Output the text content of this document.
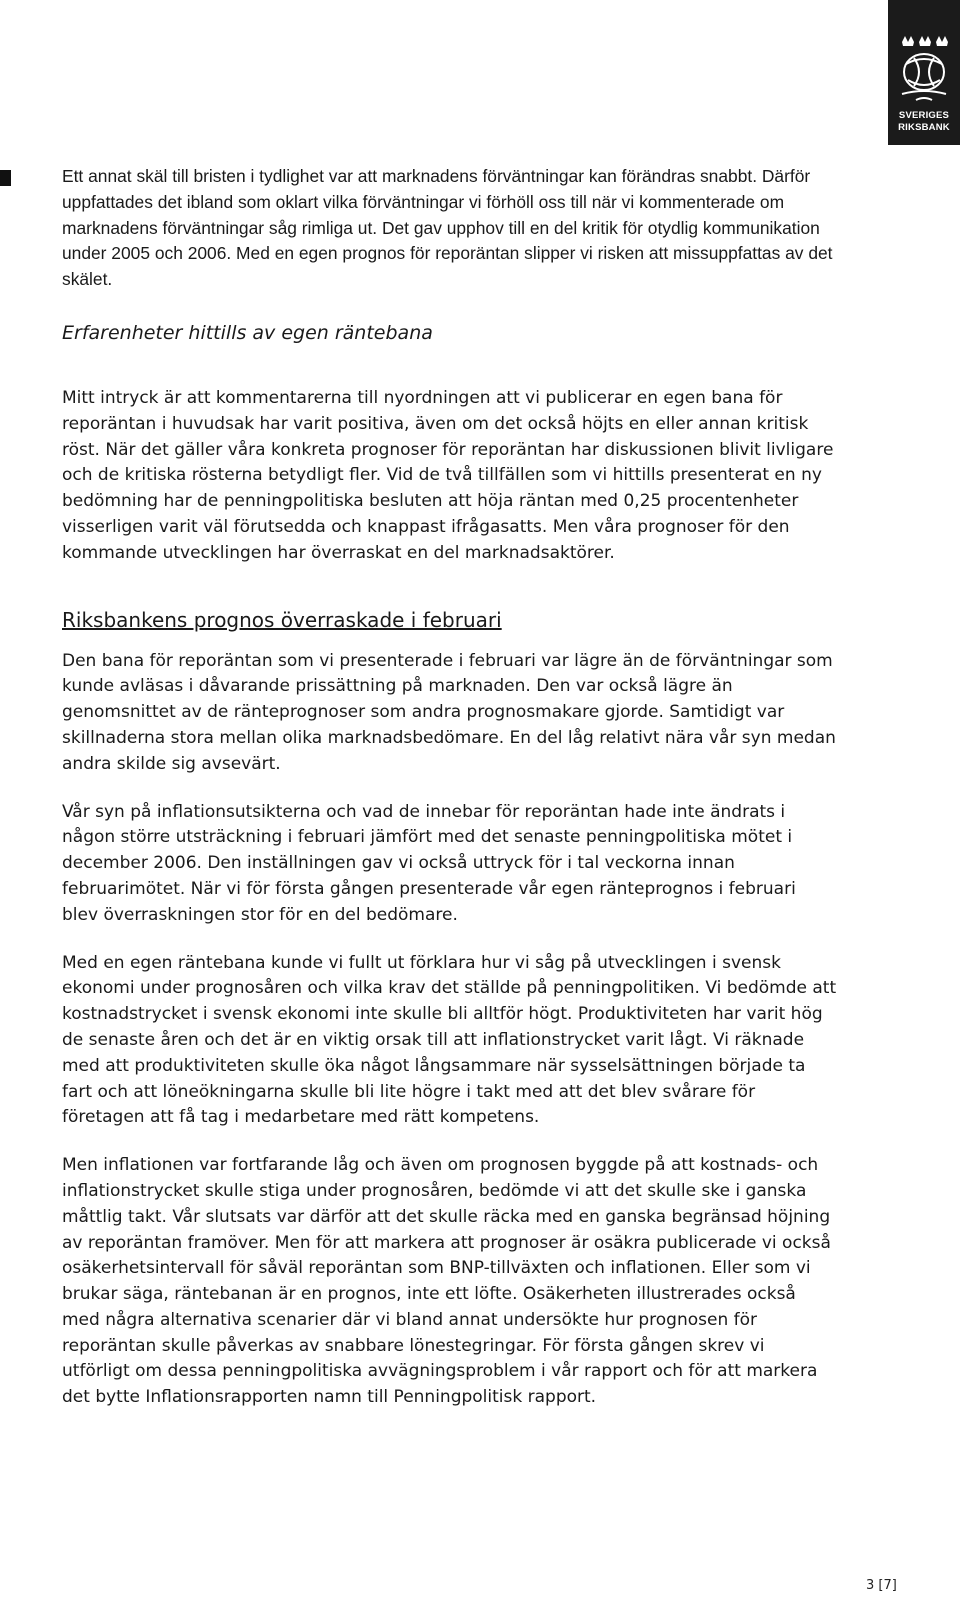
SVERIGES
RIKSBANK

Ett annat skäl till bristen i tydlighet var att marknadens förväntningar kan förändras snabbt. Därför uppfattades det ibland som oklart vilka förväntningar vi förhöll oss till när vi kommenterade om marknadens förväntningar såg rimliga ut. Det gav upphov till en del kritik för otydlig kommunikation under 2005 och 2006. Med en egen prognos för reporäntan slipper vi risken att missuppfattas av det skälet.

Erfarenheter hittills av egen räntebana

Mitt intryck är att kommentarerna till nyordningen att vi publicerar en egen bana för reporäntan i huvudsak har varit positiva, även om det också höjts en eller annan kritisk röst. När det gäller våra konkreta prognoser för reporäntan har diskussionen blivit livligare och de kritiska rösterna betydligt fler. Vid de två tillfällen som vi hittills presenterat en ny bedömning har de penningpolitiska besluten att höja räntan med 0,25 procentenheter visserligen varit väl förutsedda och knappast ifrågasatts. Men våra prognoser för den kommande utvecklingen har överraskat en del marknadsaktörer.

Riksbankens prognos överraskade i februari

Den bana för reporäntan som vi presenterade i februari var lägre än de förväntningar som kunde avläsas i dåvarande prissättning på marknaden. Den var också lägre än genomsnittet av de ränteprognoser som andra prognosmakare gjorde. Samtidigt var skillnaderna stora mellan olika marknadsbedömare. En del låg relativt nära vår syn medan andra skilde sig avsevärt.

Vår syn på inflationsutsikterna och vad de innebar för reporäntan hade inte ändrats i någon större utsträckning i februari jämfört med det senaste penningpolitiska mötet i december 2006. Den inställningen gav vi också uttryck för i tal veckorna innan februarimötet. När vi för första gången presenterade vår egen ränteprognos i februari blev överraskningen stor för en del bedömare.

Med en egen räntebana kunde vi fullt ut förklara hur vi såg på utvecklingen i svensk ekonomi under prognosåren och vilka krav det ställde på penningpolitiken. Vi bedömde att kostnadstrycket i svensk ekonomi inte skulle bli alltför högt. Produktiviteten har varit hög de senaste åren och det är en viktig orsak till att inflationstrycket varit lågt. Vi räknade med att produktiviteten skulle öka något långsammare när sysselsättningen började ta fart och att löneökningarna skulle bli lite högre i takt med att det blev svårare för företagen att få tag i medarbetare med rätt kompetens.

Men inflationen var fortfarande låg och även om prognosen byggde på att kostnads- och inflationstrycket skulle stiga under prognosåren, bedömde vi att det skulle ske i ganska måttlig takt. Vår slutsats var därför att det skulle räcka med en ganska begränsad höjning av reporäntan framöver. Men för att markera att prognoser är osäkra publicerade vi också osäkerhetsintervall för såväl reporäntan som BNP-tillväxten och inflationen. Eller som vi brukar säga, räntebanan är en prognos, inte ett löfte. Osäkerheten illustrerades också med några alternativa scenarier där vi bland annat undersökte hur prognosen för reporäntan skulle påverkas av snabbare lönestegringar. För första gången skrev vi utförligt om dessa penningpolitiska avvägningsproblem i vår rapport och för att markera det bytte Inflationsrapporten namn till Penningpolitisk rapport.

3 [7]
